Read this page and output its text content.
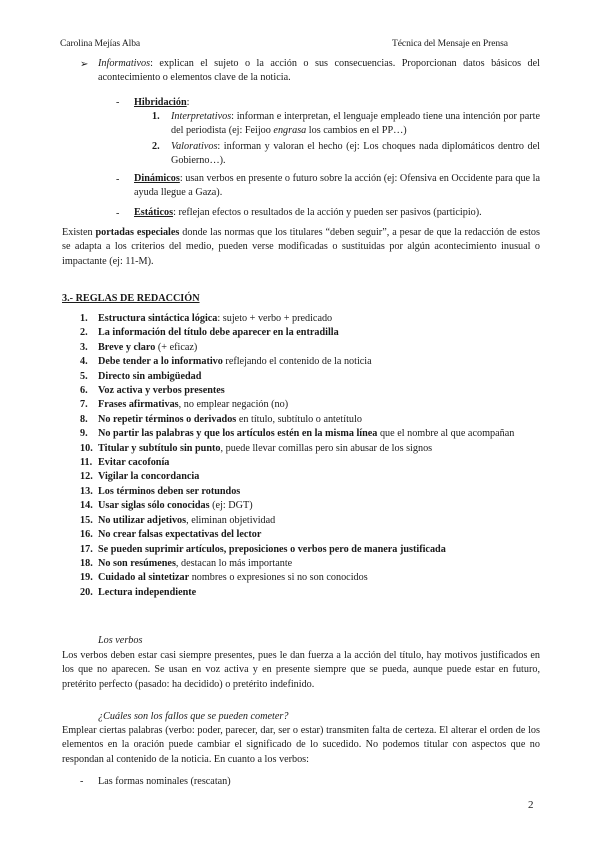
Carolina Mejías Alba	Técnica del Mensaje en Prensa
➢ Informativos: explican el sujeto o la acción o sus consecuencias. Proporcionan datos básicos del acontecimiento o elementos clave de la noticia.
- Hibridación:
1. Interpretativos: informan e interpretan, el lenguaje empleado tiene una intención por parte del periodista (ej: Feijoo engrasa los cambios en el PP…)
2. Valorativos: informan y valoran el hecho (ej: Los choques nada diplomáticos dentro del Gobierno…).
- Dinámicos: usan verbos en presente o futuro sobre la acción (ej: Ofensiva en Occidente para que la ayuda llegue a Gaza).
- Estáticos: reflejan efectos o resultados de la acción y pueden ser pasivos (participio).
Existen portadas especiales donde las normas que los titulares “deben seguir”, a pesar de que la redacción de estos se adapta a los criterios del medio, pueden verse modificadas o sustituidas por algún acontecimiento inusual o impactante (ej: 11-M).
3.- REGLAS DE REDACCIÓN
1. Estructura sintáctica lógica: sujeto + verbo + predicado
2. La información del título debe aparecer en la entradilla
3. Breve y claro (+ eficaz)
4. Debe tender a lo informativo reflejando el contenido de la noticia
5. Directo sin ambigüedad
6. Voz activa y verbos presentes
7. Frases afirmativas, no emplear negación (no)
8. No repetir términos o derivados en título, subtítulo o antetítulo
9. No partir las palabras y que los artículos estén en la misma línea que el nombre al que acompañan
10. Titular y subtítulo sin punto, puede llevar comillas pero sin abusar de los signos
11. Evitar cacofonía
12. Vigilar la concordancia
13. Los términos deben ser rotundos
14. Usar siglas sólo conocidas (ej: DGT)
15. No utilizar adjetivos, eliminan objetividad
16. No crear falsas expectativas del lector
17. Se pueden suprimir artículos, preposiciones o verbos pero de manera justificada
18. No son resúmenes, destacan lo más importante
19. Cuidado al sintetizar nombres o expresiones si no son conocidos
20. Lectura independiente
Los verbos
Los verbos deben estar casi siempre presentes, pues le dan fuerza a la acción del título, hay motivos justificados en los que no aparecen. Se usan en voz activa y en presente siempre que se pueda, aunque puede estar en futuro, pretérito perfecto (pasado: ha decidido) o pretérito indefinido.
¿Cuáles son los fallos que se pueden cometer?
Emplear ciertas palabras (verbo: poder, parecer, dar, ser o estar) transmiten falta de certeza. El alterar el orden de los elementos en la oración puede cambiar el significado de lo sucedido. No podemos titular con aspectos que no respondan al contenido de la noticia. En cuanto a los verbos:
- Las formas nominales (rescatan)
2
